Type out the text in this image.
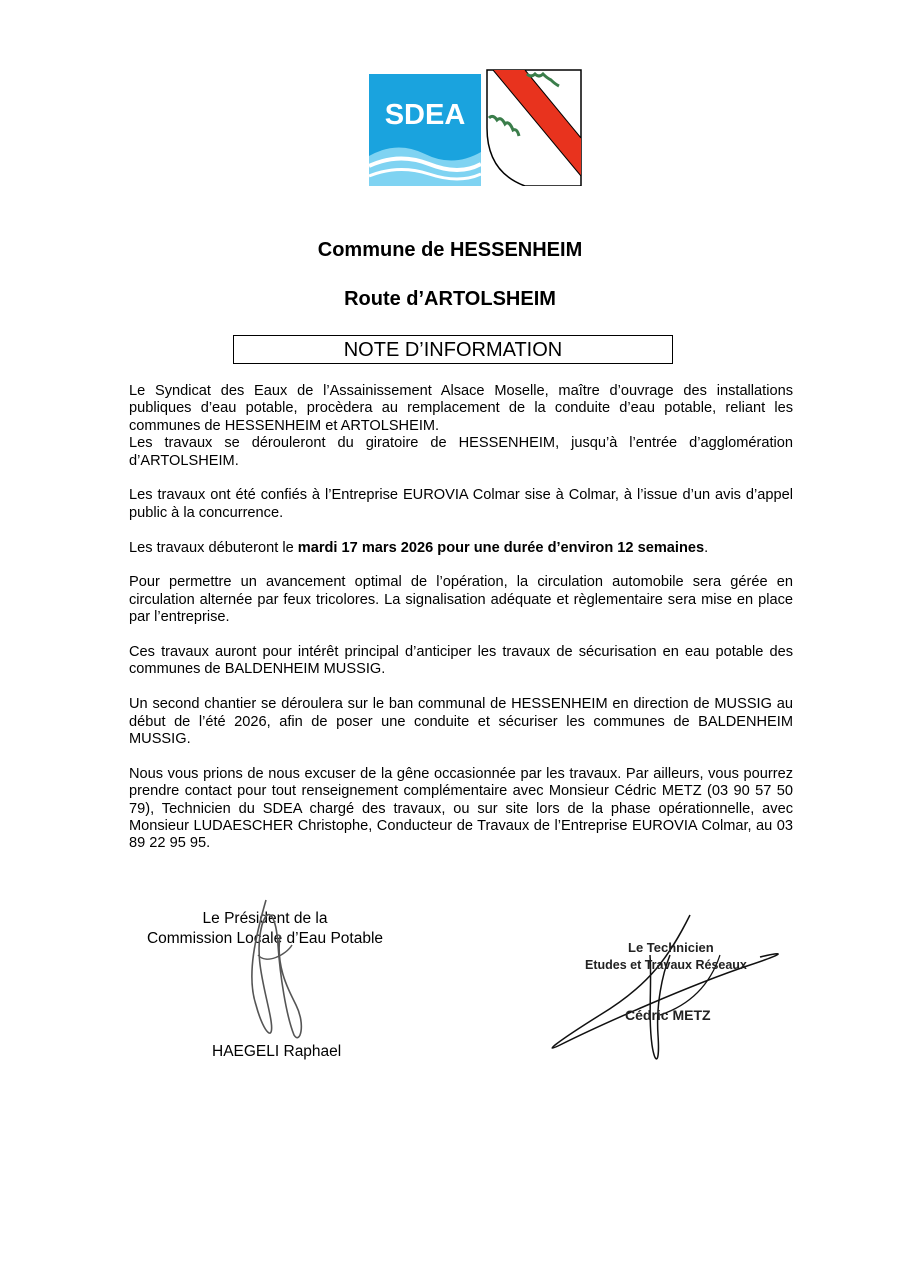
SDEA
Commune de HESSENHEIM
Route d’ARTOLSHEIM
NOTE D’INFORMATION

Le Syndicat des Eaux de l’Assainissement Alsace Moselle, maître d’ouvrage des installations publiques d’eau potable, procèdera au remplacement de la conduite d’eau potable, reliant les communes de HESSENHEIM et ARTOLSHEIM.

Les travaux se dérouleront du giratoire de HESSENHEIM, jusqu’à l’entrée d’agglomération d’ARTOLSHEIM.

Les travaux ont été confiés à l’Entreprise EUROVIA Colmar sise à Colmar, à l’issue d’un avis d’appel public à la concurrence.

Les travaux débuteront le mardi 17 mars 2026 pour une durée d’environ 12 semaines.

Pour permettre un avancement optimal de l’opération, la circulation automobile sera gérée en circulation alternée par feux tricolores. La signalisation adéquate et règlementaire sera mise en place par l’entreprise.

Ces travaux auront pour intérêt principal d’anticiper les travaux de sécurisation en eau potable des communes de BALDENHEIM MUSSIG.

Un second chantier se déroulera sur le ban communal de HESSENHEIM en direction de MUSSIG au début de l’été 2026, afin de poser une conduite et sécuriser les communes de BALDENHEIM MUSSIG.

Nous vous prions de nous excuser de la gêne occasionnée par les travaux. Par ailleurs, vous pourrez prendre contact pour tout renseignement complémentaire avec Monsieur Cédric METZ (03 90 57 50 79), Technicien du SDEA chargé des travaux, ou sur site lors de la phase opérationnelle, avec Monsieur LUDAESCHER Christophe, Conducteur de Travaux de l’Entreprise EUROVIA Colmar, au 03 89 22 95 95.

Le Président de la
Commission Locale d’Eau Potable
HAEGELI Raphael
Le Technicien
Etudes et Travaux Réseaux
Cédric METZ
